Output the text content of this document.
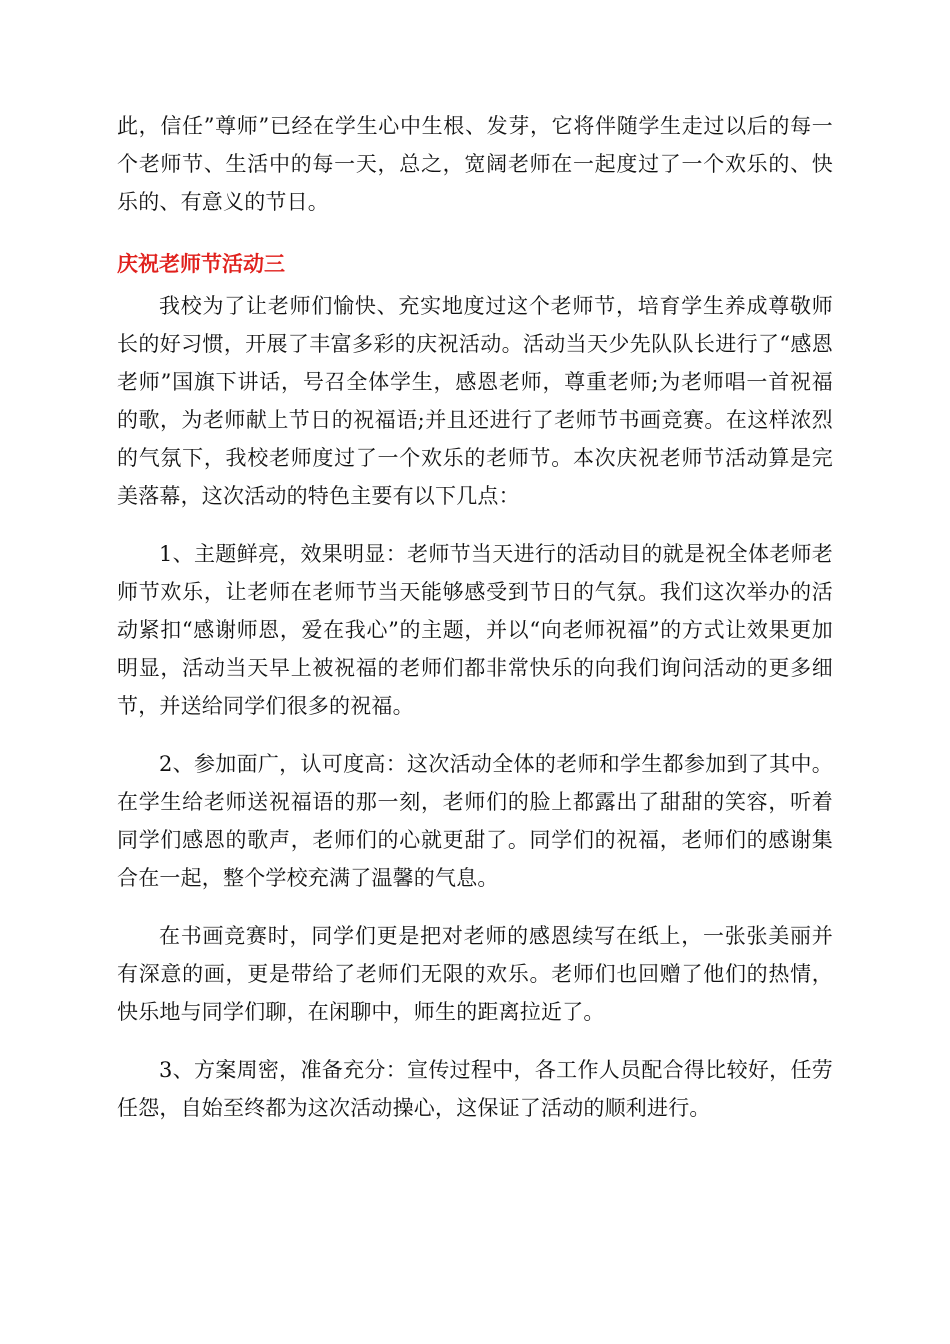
此，信任”尊师”已经在学生心中生根、发芽，它将伴随学生走过以后的每一个老师节、生活中的每一天，总之，宽阔老师在一起度过了一个欢乐的、快乐的、有意义的节日。

庆祝老师节活动三

我校为了让老师们愉快、充实地度过这个老师节，培育学生养成尊敬师长的好习惯，开展了丰富多彩的庆祝活动。活动当天少先队队长进行了“感恩老师”国旗下讲话，号召全体学生，感恩老师，尊重老师;为老师唱一首祝福的歌，为老师献上节日的祝福语;并且还进行了老师节书画竞赛。在这样浓烈的气氛下，我校老师度过了一个欢乐的老师节。本次庆祝老师节活动算是完美落幕，这次活动的特色主要有以下几点：

1、主题鲜亮，效果明显：老师节当天进行的活动目的就是祝全体老师老师节欢乐，让老师在老师节当天能够感受到节日的气氛。我们这次举办的活动紧扣“感谢师恩，爱在我心”的主题，并以“向老师祝福”的方式让效果更加明显，活动当天早上被祝福的老师们都非常快乐的向我们询问活动的更多细节，并送给同学们很多的祝福。

2、参加面广，认可度高：这次活动全体的老师和学生都参加到了其中。在学生给老师送祝福语的那一刻，老师们的脸上都露出了甜甜的笑容，听着同学们感恩的歌声，老师们的心就更甜了。同学们的祝福，老师们的感谢集合在一起，整个学校充满了温馨的气息。

在书画竞赛时，同学们更是把对老师的感恩续写在纸上，一张张美丽并有深意的画，更是带给了老师们无限的欢乐。老师们也回赠了他们的热情，快乐地与同学们聊，在闲聊中，师生的距离拉近了。

3、方案周密，准备充分：宣传过程中，各工作人员配合得比较好，任劳任怨，自始至终都为这次活动操心，这保证了活动的顺利进行。
